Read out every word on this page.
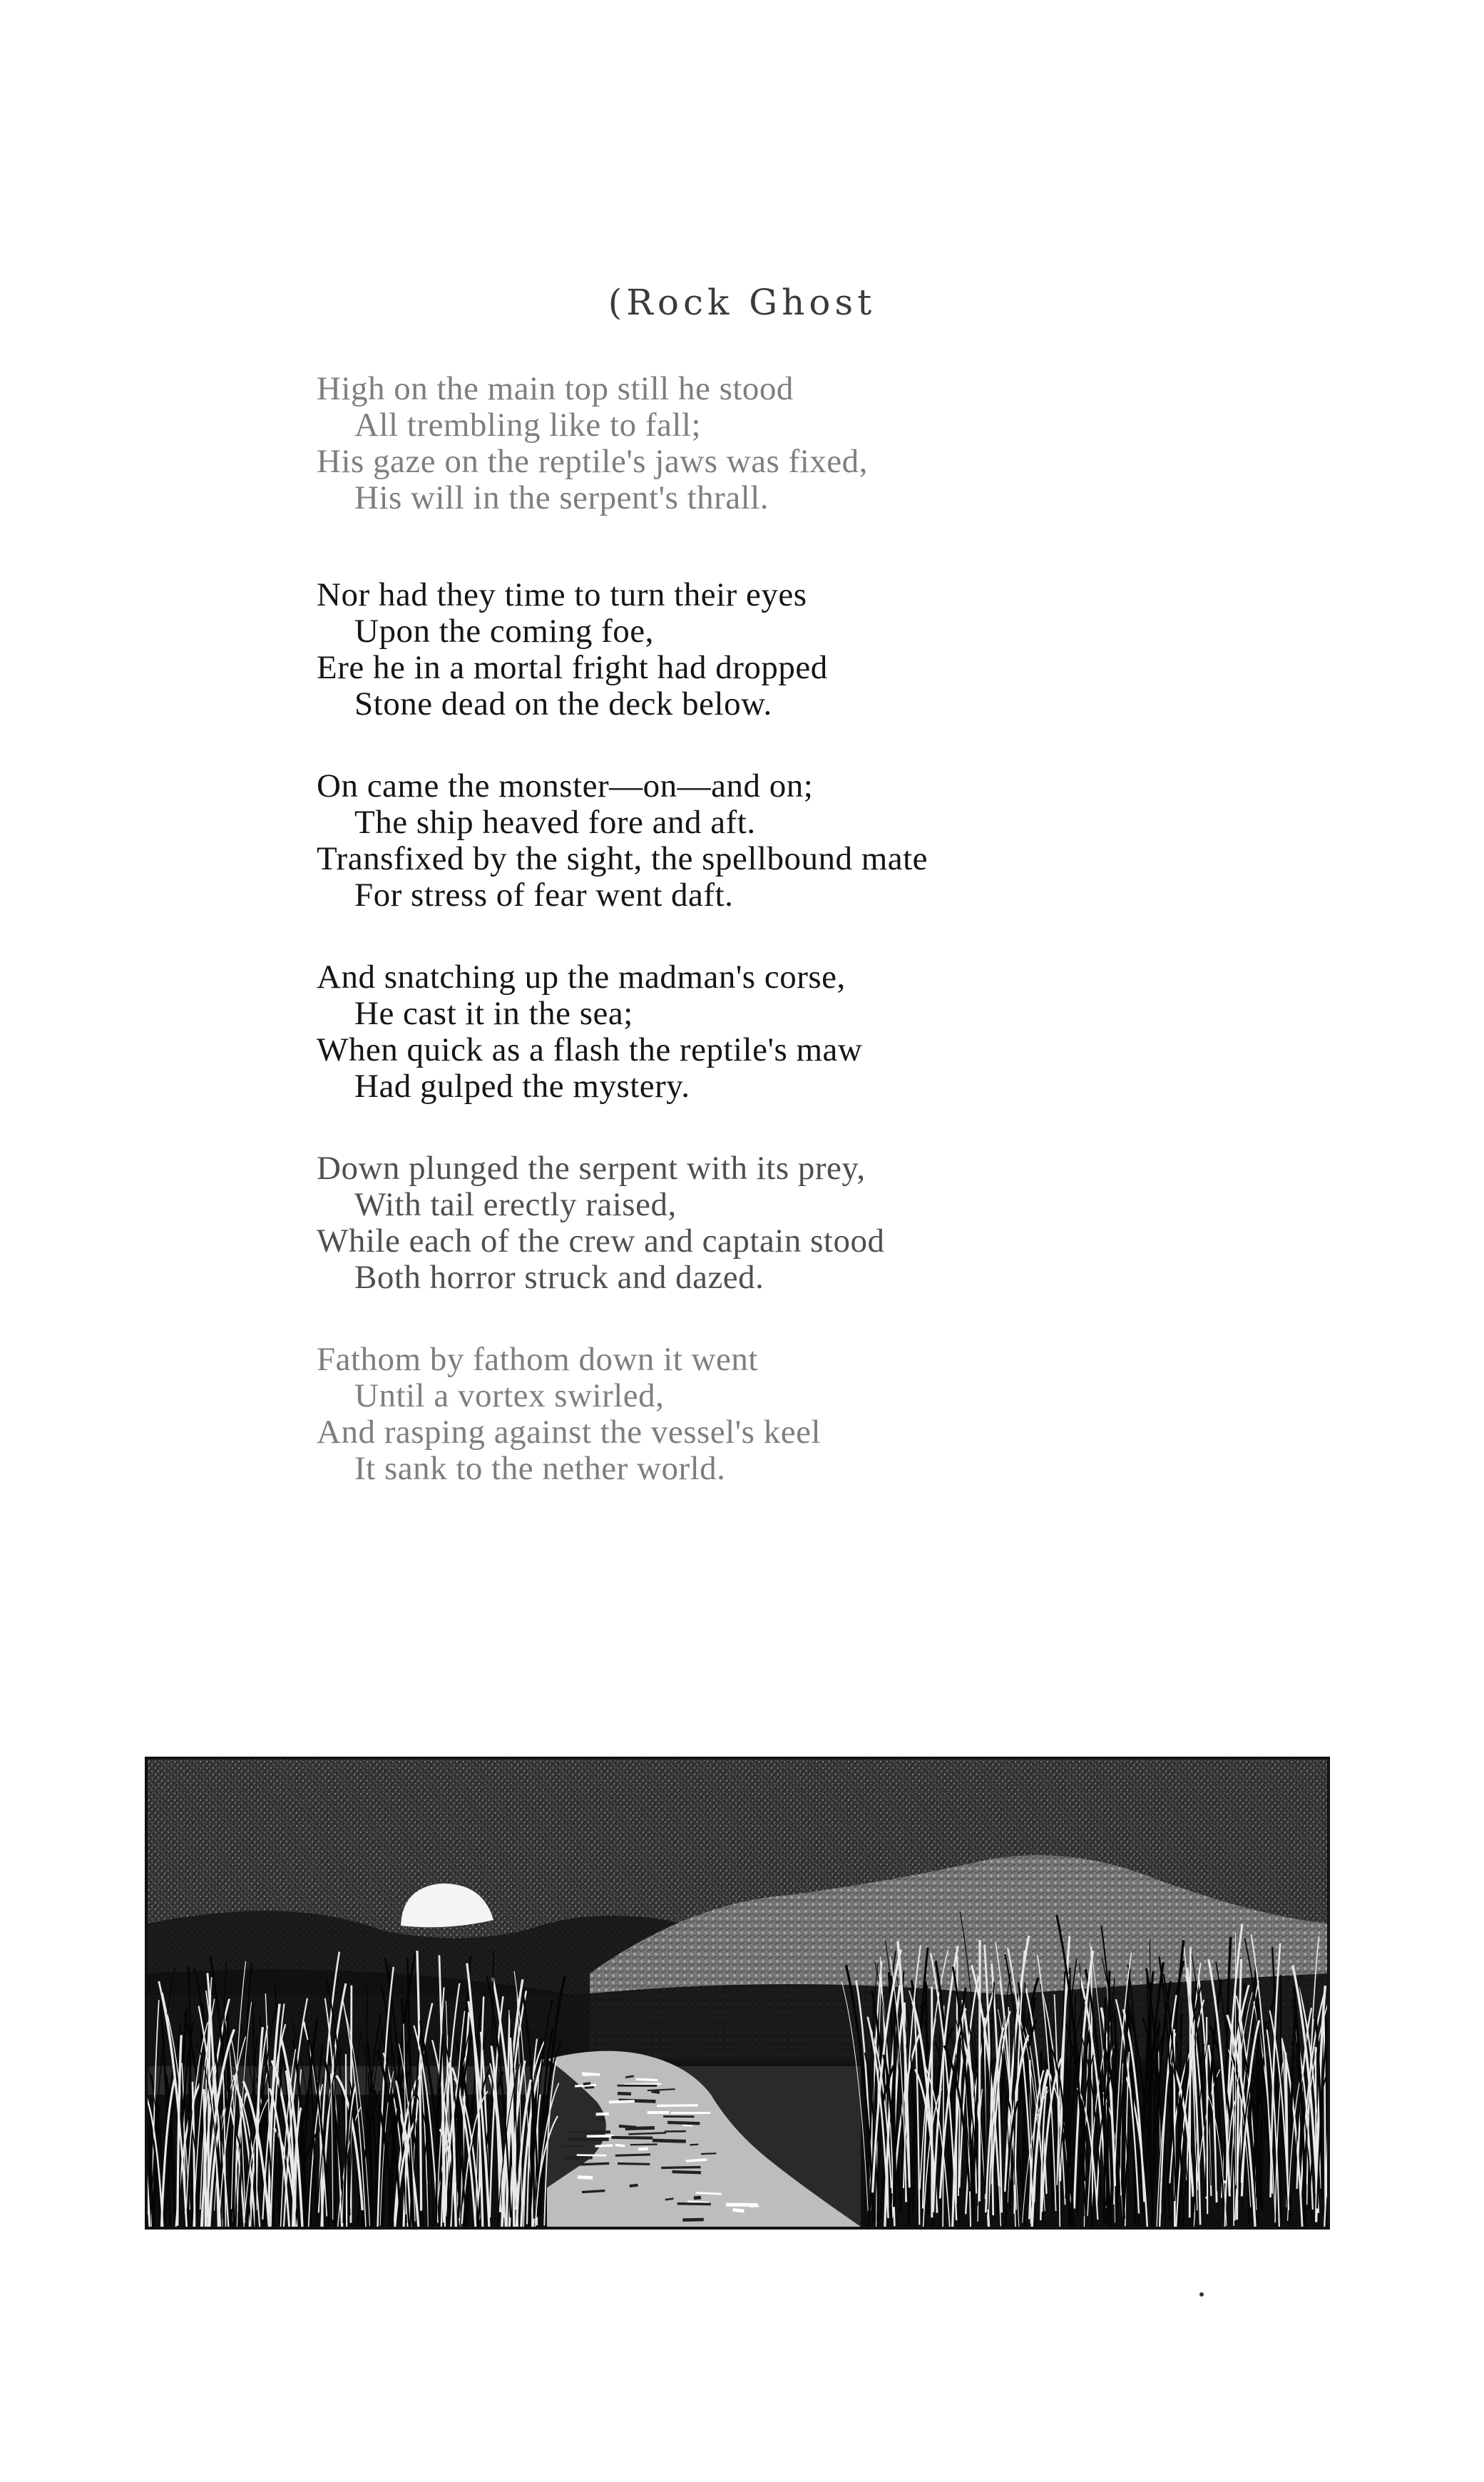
(Rock Ghost
High on the main top still he stood
All trembling like to fall;
His gaze on the reptile's jaws was fixed,
His will in the serpent's thrall.
Nor had they time to turn their eyes
Upon the coming foe,
Ere he in a mortal fright had dropped
Stone dead on the deck below.
On came the monster—on—and on;
The ship heaved fore and aft.
Transfixed by the sight, the spellbound mate
For stress of fear went daft.
And snatching up the madman's corse,
He cast it in the sea;
When quick as a flash the reptile's maw
Had gulped the mystery.
Down plunged the serpent with its prey,
With tail erectly raised,
While each of the crew and captain stood
Both horror struck and dazed.
Fathom by fathom down it went
Until a vortex swirled,
And rasping against the vessel's keel
It sank to the nether world.
